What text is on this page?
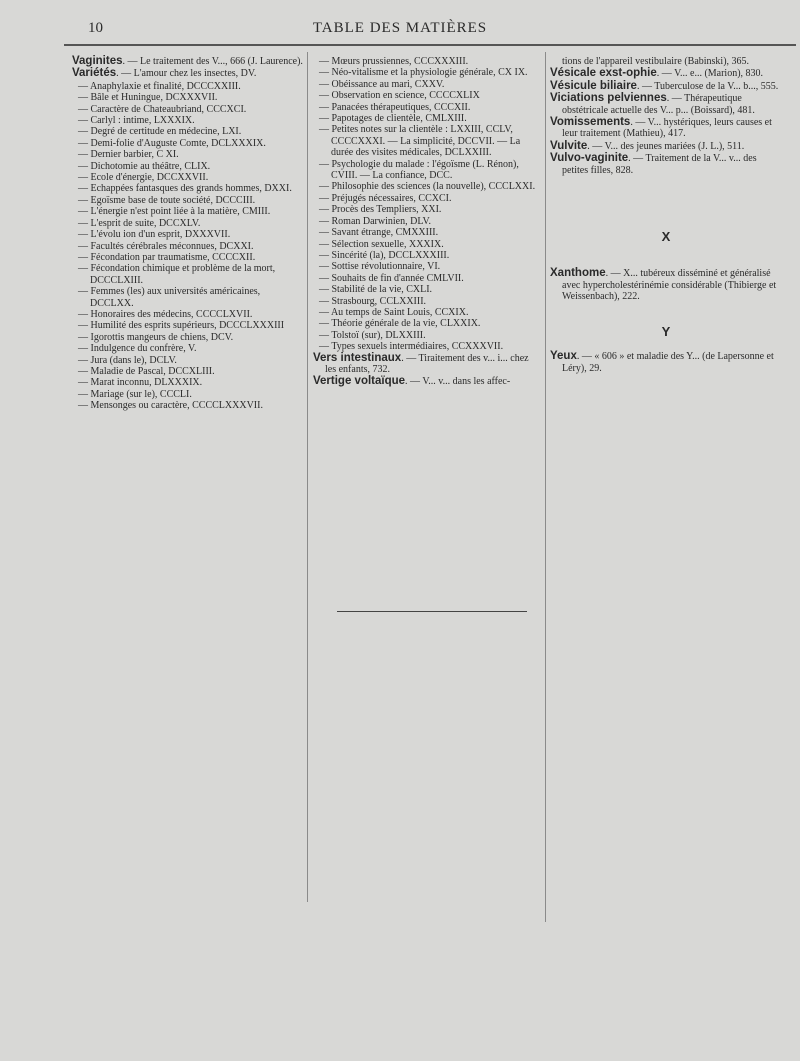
10	TABLE DES MATIÈRES

Vaginites. — Le traitement des V..., 666 (J. Laurence).

Variétés. — L'amour chez les insectes, DV.

— Anaphylaxie et finalité, DCCCXXIII.

— Bâle et Huningue, DCXXXVII.

— Caractère de Chateaubriand, CCCXCI.

— Carlyl : intime, LXXXIX.

— Degré de certitude en médecine, LXI.

— Demi-folie d'Auguste Comte, DCLXXXIX.

— Dernier barbier, C XI.

— Dichotomie au théâtre, CLIX.

— Ecole d'énergie, DCCXXVII.

— Echappées fantasques des grands hommes, DXXI.

— Egoïsme base de toute société, DCCCIII.

— L'énergie n'est point liée à la matière, CMIII.

— L'esprit de suite, DCCXLV.

— L'évolu ion d'un esprit, DXXXVII.

— Facultés cérébrales méconnues, DCXXI.

— Fécondation par traumatisme, CCCCXII.

— Fécondation chimique et problème de la mort, DCCCLXIII.

— Femmes (les) aux universités américaines, DCCLXX.

— Honoraires des médecins, CCCCLXVII.

— Humilité des esprits supérieurs, DCCCLXXXIII

— Igorottis mangeurs de chiens, DCV.

— Indulgence du confrère, V.

— Jura (dans le), DCLV.

— Maladie de Pascal, DCCXLIII.

— Marat inconnu, DLXXXIX.

— Mariage (sur le), CCCLI.

— Mensonges ou caractère, CCCCLXXXVII.

— Mœurs prussiennes, CCCXXXIII.

— Néo-vitalisme et la physiologie générale, CX IX.

— Obéissance au mari, CXXV.

— Observation en science, CCCCXLIX

— Panacées thérapeutiques, CCCXII.

— Papotages de clientèle, CMLXIII.

— Petites notes sur la clientèle : LXXIII, CCLV, CCCCXXXI. — La simplicité, DCCVII. — La durée des visites médicales, DCLXXIII.

— Psychologie du malade : l'égoïsme (L. Rénon), CVIII. — La confiance, DCC.

— Philosophie des sciences (la nouvelle), CCCLXXI.

— Préjugés nécessaires, CCXCI.

— Procès des Templiers, XXI.

— Roman Darwinien, DLV.

— Savant étrange, CMXXIII.

— Sélection sexuelle, XXXIX.

— Sincérité (la), DCCLXXXIII.

— Sottise révolutionnaire, VI.

— Souhaits de fin d'année CMLVII.

— Stabilité de la vie, CXLI.

— Strasbourg, CCLXXIII.

— Au temps de Saint Louis, CCXIX.

— Théorie générale de la vie, CLXXIX.

— Tolstoï (sur), DLXXIII.

— Types sexuels intermédiaires, CCXXXVII.

Vers intestinaux. — Tiraitement des v... i... chez les enfants, 732.

Vertige voltaïque. — V... v... dans les affec-

tions de l'appareil vestibulaire (Babinski), 365.

Vésicale exst-ophie. — V... e... (Marion), 830.

Vésicule biliaire. — Tuberculose de la V... b..., 555.

Viciations pelviennes. — Thérapeutique obstétricale actuelle des V... p... (Boissard), 481.

Vomissements. — V... hystériques, leurs causes et leur traitement (Mathieu), 417.

Vulvite. — V... des jeunes mariées (J. L.), 511.

Vulvo-vaginite. — Traitement de la V... v... des petites filles, 828.

X

Xanthome. — X... tubéreux disséminé et généralisé avec hypercholestérinémie considérable (Thibierge et Weissenbach), 222.

Y

Yeux. — « 606 » et maladie des Y... (de Lapersonne et Léry), 29.
